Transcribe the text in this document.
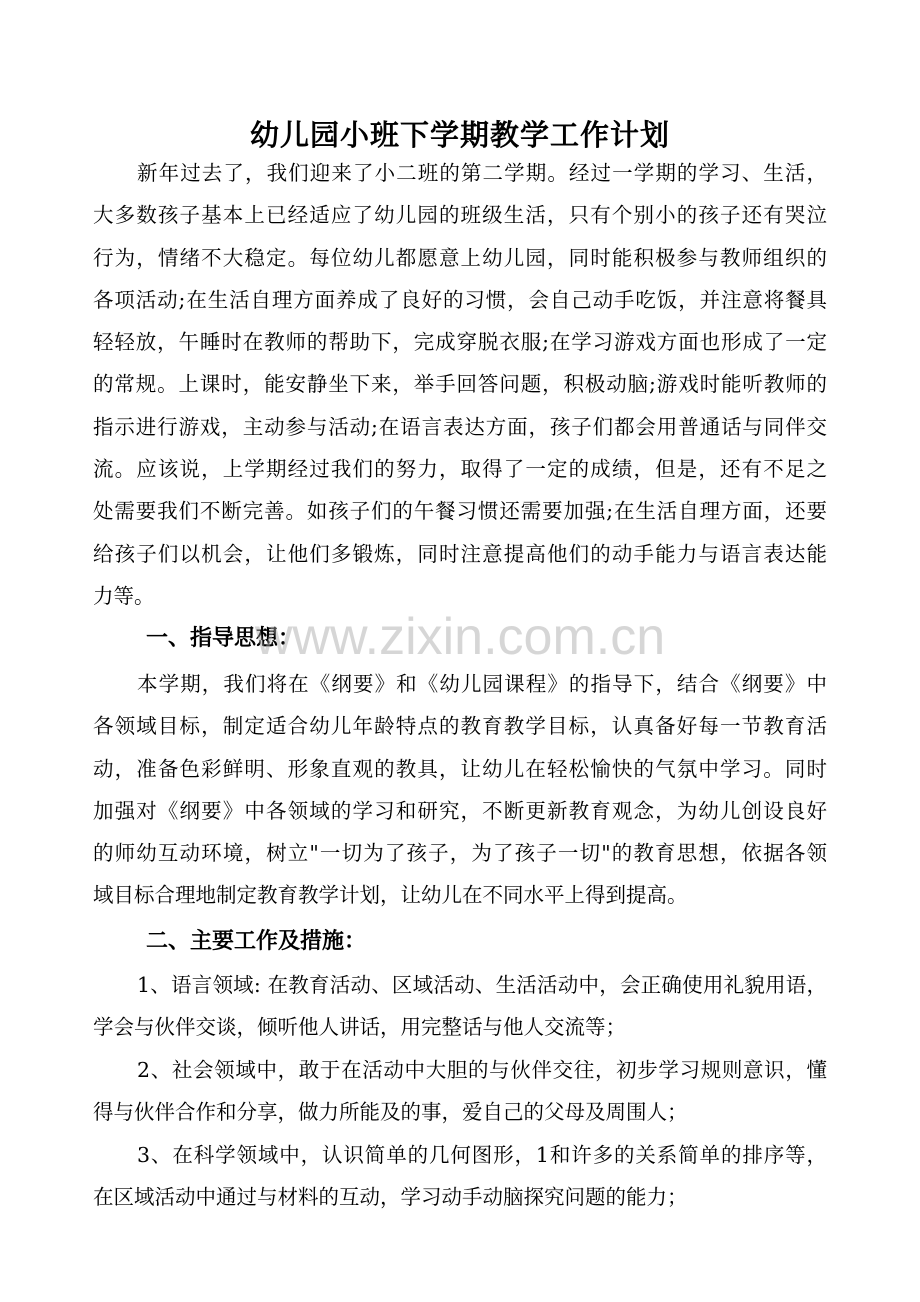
幼儿园小班下学期教学工作计划
新年过去了，我们迎来了小二班的第二学期。经过一学期的学习、生活，
大多数孩子基本上已经适应了幼儿园的班级生活，只有个别小的孩子还有哭泣
行为，情绪不大稳定。每位幼儿都愿意上幼儿园，同时能积极参与教师组织的
各项活动;在生活自理方面养成了良好的习惯，会自己动手吃饭，并注意将餐具
轻轻放，午睡时在教师的帮助下，完成穿脱衣服;在学习游戏方面也形成了一定
的常规。上课时，能安静坐下来，举手回答问题，积极动脑;游戏时能听教师的
指示进行游戏，主动参与活动;在语言表达方面，孩子们都会用普通话与同伴交
流。应该说，上学期经过我们的努力，取得了一定的成绩，但是，还有不足之
处需要我们不断完善。如孩子们的午餐习惯还需要加强;在生活自理方面，还要
给孩子们以机会，让他们多锻炼，同时注意提高他们的动手能力与语言表达能
力等。
一、指导思想：
www.zixin.com.cn
本学期，我们将在《纲要》和《幼儿园课程》的指导下，结合《纲要》中
各领域目标，制定适合幼儿年龄特点的教育教学目标，认真备好每一节教育活
动，准备色彩鲜明、形象直观的教具，让幼儿在轻松愉快的气氛中学习。同时
加强对《纲要》中各领域的学习和研究，不断更新教育观念，为幼儿创设良好
的师幼互动环境，树立"一切为了孩子，为了孩子一切"的教育思想，依据各领
域目标合理地制定教育教学计划，让幼儿在不同水平上得到提高。
二、主要工作及措施：
1、语言领域: 在教育活动、区域活动、生活活动中，会正确使用礼貌用语，
学会与伙伴交谈，倾听他人讲话，用完整话与他人交流等；
2、社会领域中，敢于在活动中大胆的与伙伴交往，初步学习规则意识，懂
得与伙伴合作和分享，做力所能及的事，爱自己的父母及周围人；
3、在科学领域中，认识简单的几何图形，1和许多的关系简单的排序等，
在区域活动中通过与材料的互动，学习动手动脑探究问题的能力；
